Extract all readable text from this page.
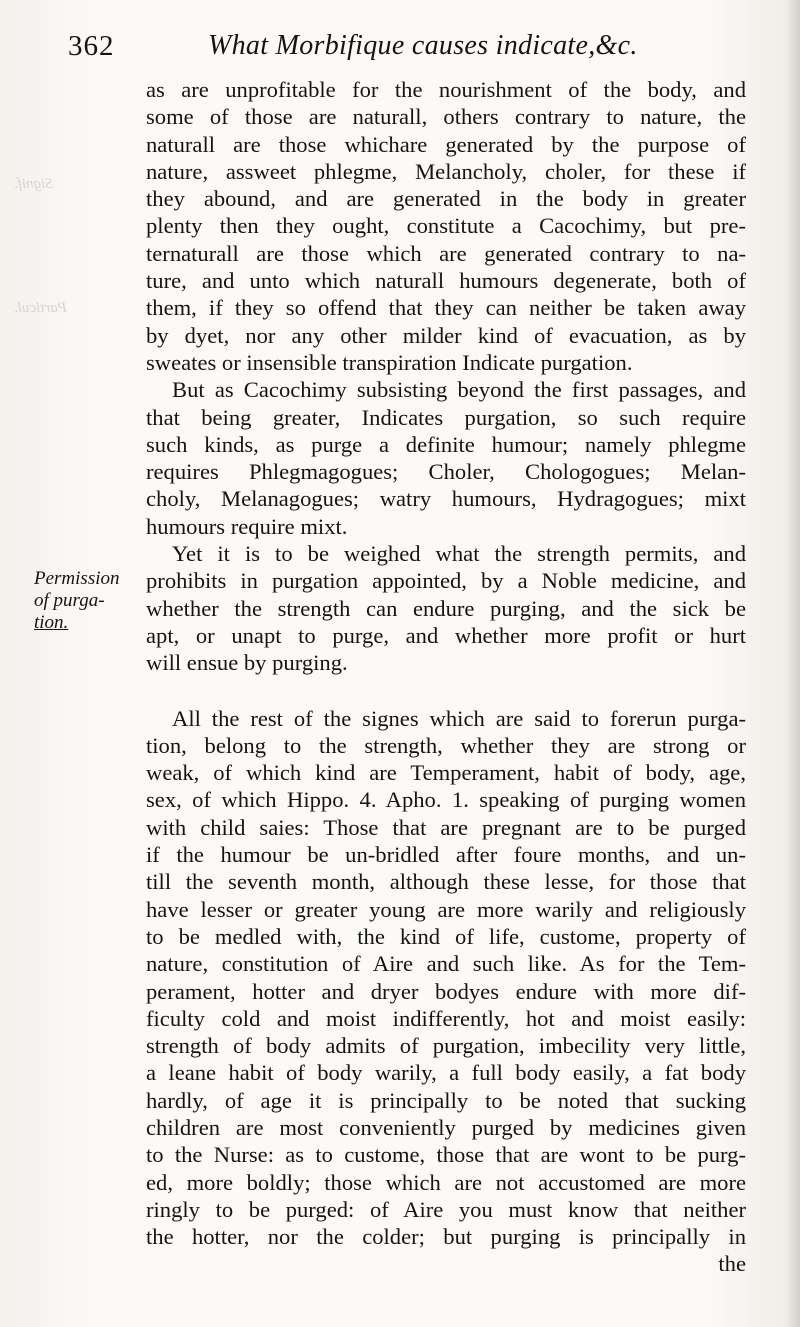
Signif.
Particul.
362	What Morbifique causes indicate,&c.
Permission
of purga-
tion.
as are unprofitable for the nourishment of the body, and
some of those are naturall, others contrary to nature, the
naturall are those whichare generated by the purpose of
nature, assweet phlegme, Melancholy, choler, for these if
they abound, and are generated in the body in greater
plenty then they ought, constitute a Cacochimy, but pre-
ternaturall are those which are generated contrary to na-
ture, and unto which naturall humours degenerate, both of
them, if they so offend that they can neither be taken away
by dyet, nor any other milder kind of evacuation, as by
sweates or insensible transpiration Indicate purgation.
But as Cacochimy subsisting beyond the first passages, and
that being greater, Indicates purgation, so such require
such kinds, as purge a definite humour; namely phlegme
requires Phlegmagogues; Choler, Chologogues; Melan-
choly, Melanagogues; watry humours, Hydragogues; mixt
humours require mixt.
Yet it is to be weighed what the strength permits, and
prohibits in purgation appointed, by a Noble medicine, and
whether the strength can endure purging, and the sick be
apt, or unapt to purge, and whether more profit or hurt
will ensue by purging.
All the rest of the signes which are said to forerun purga-
tion, belong to the strength, whether they are strong or
weak, of which kind are Temperament, habit of body, age,
sex, of which Hippo. 4. Apho. 1. speaking of purging women
with child saies: Those that are pregnant are to be purged
if the humour be un-bridled after foure months, and un-
till the seventh month, although these lesse, for those that
have lesser or greater young are more warily and religiously
to be medled with, the kind of life, custome, property of
nature, constitution of Aire and such like. As for the Tem-
perament, hotter and dryer bodyes endure with more dif-
ficulty cold and moist indifferently, hot and moist easily:
strength of body admits of purgation, imbecility very little,
a leane habit of body warily, a full body easily, a fat body
hardly, of age it is principally to be noted that sucking
children are most conveniently purged by medicines given
to the Nurse: as to custome, those that are wont to be purg-
ed, more boldly; those which are not accustomed are more
ringly to be purged: of Aire you must know that neither
the hotter, nor the colder; but purging is principally in
the
